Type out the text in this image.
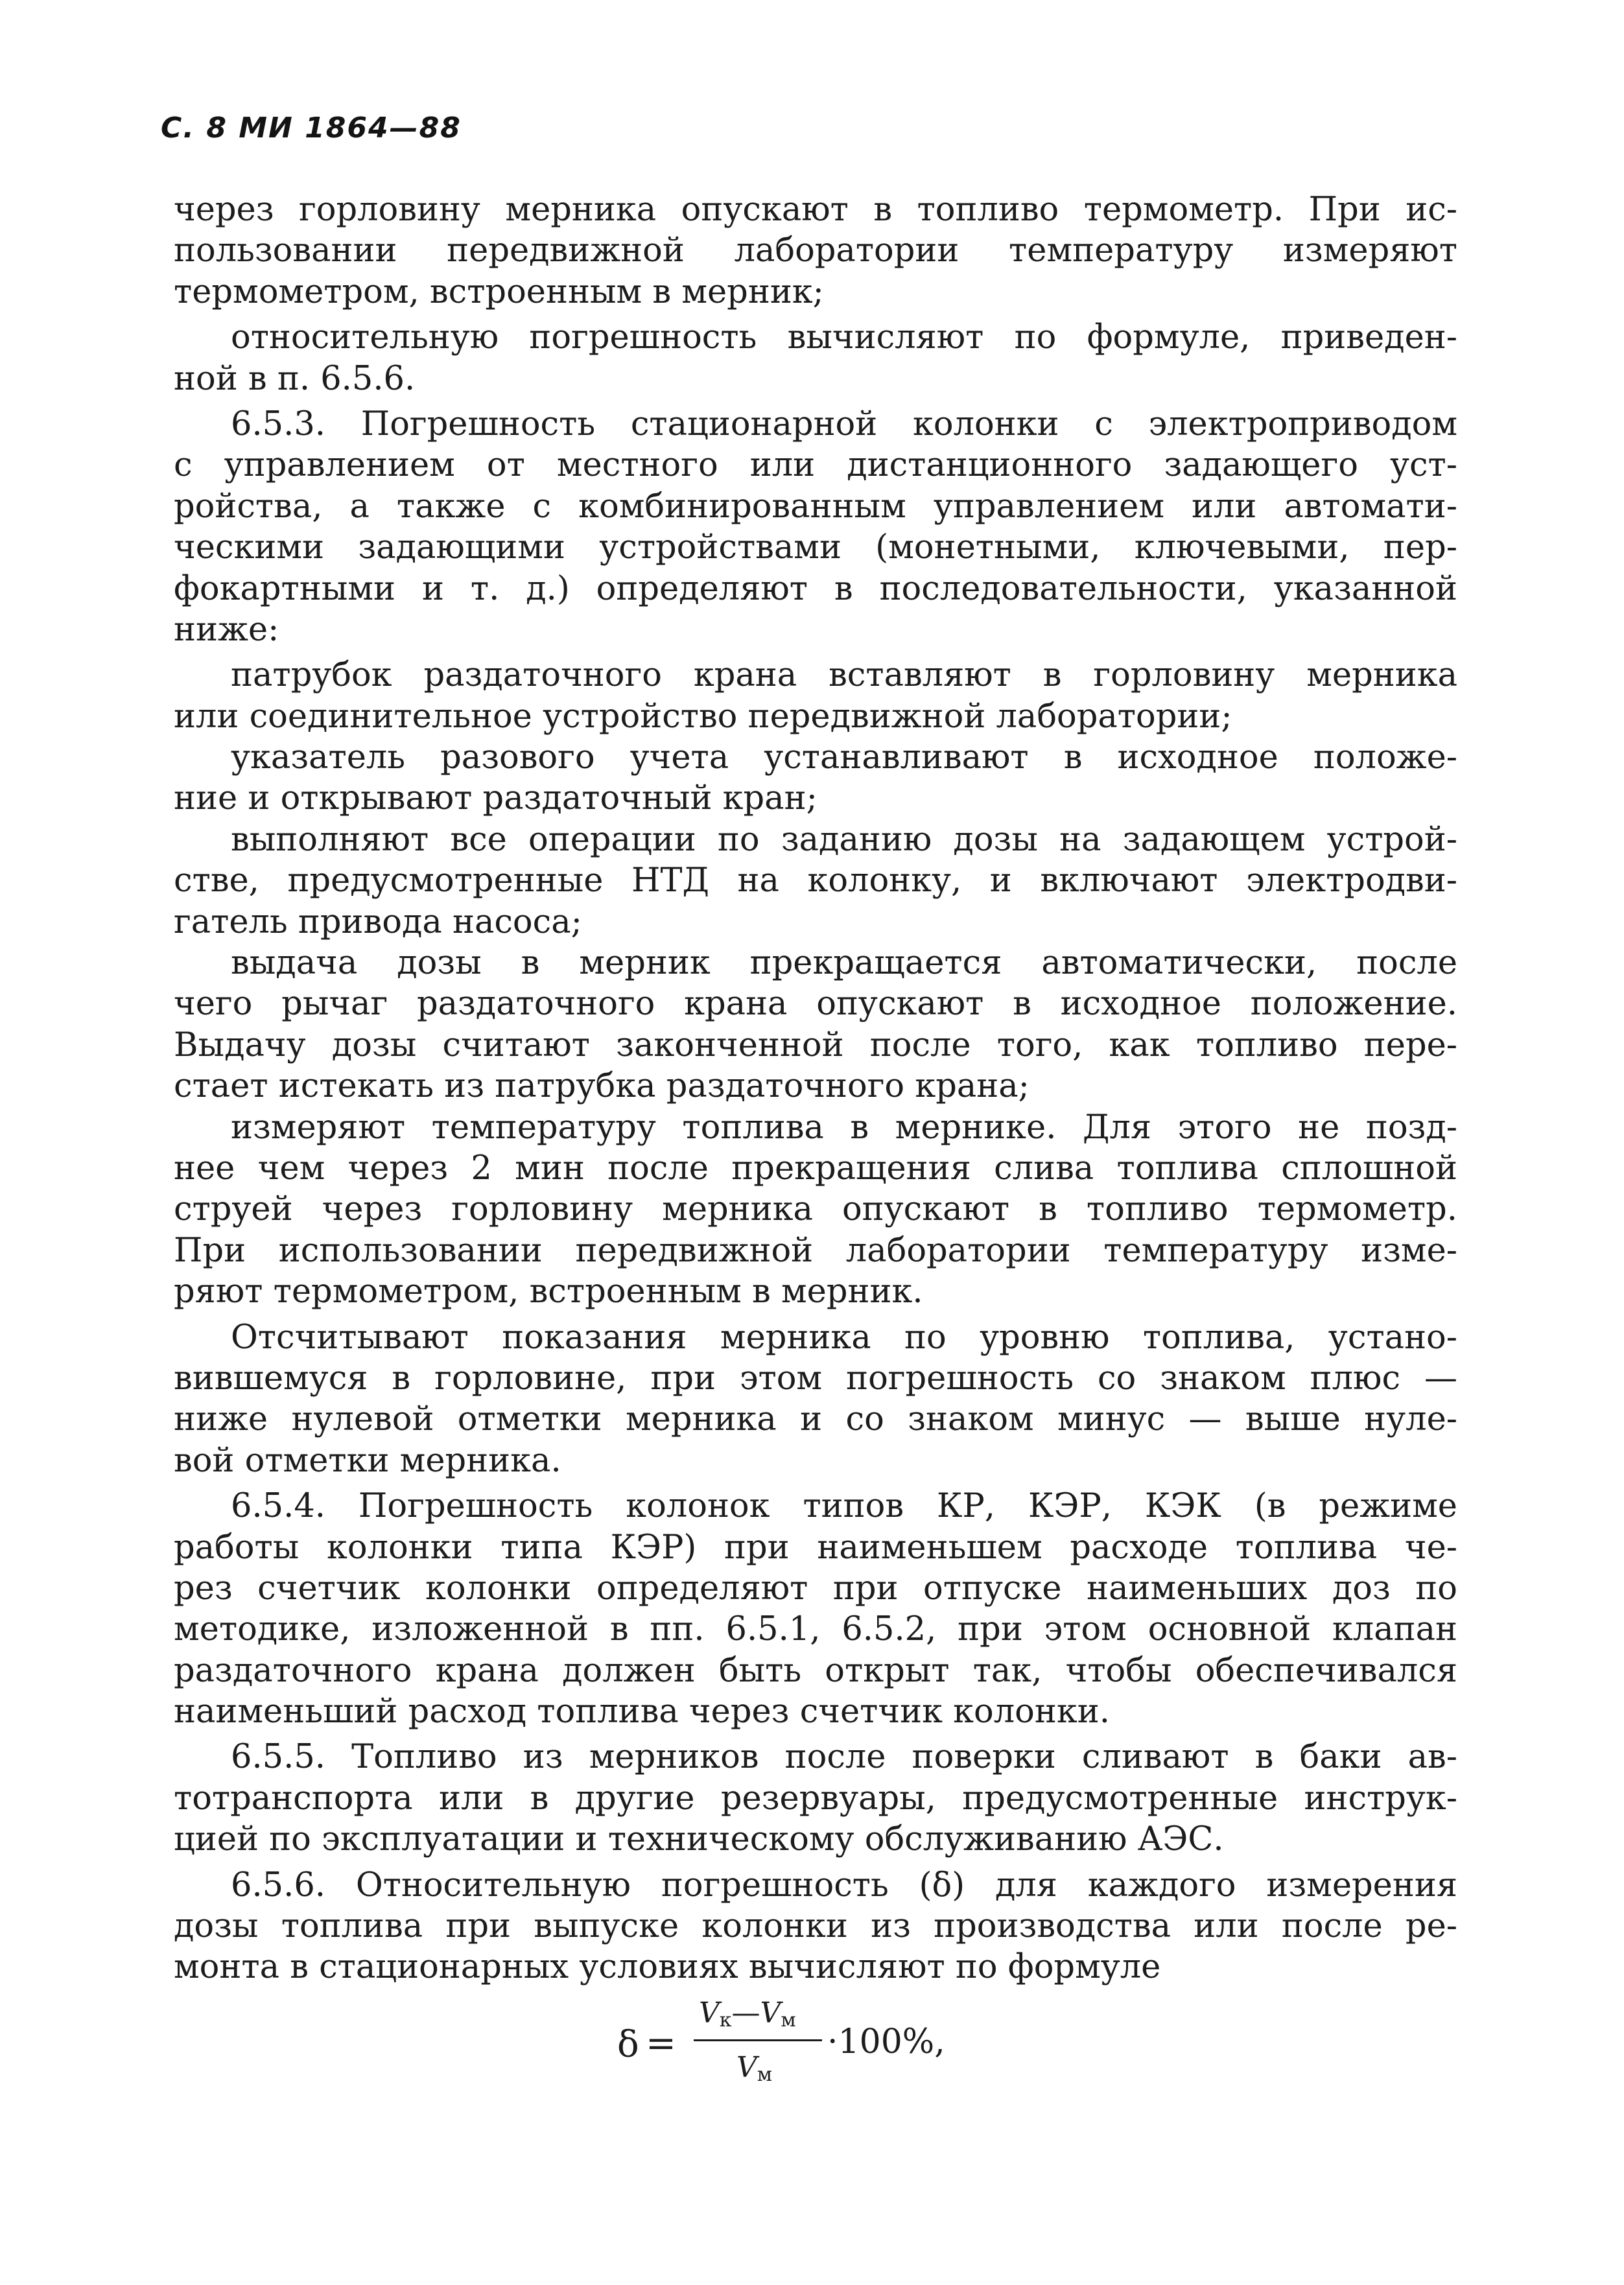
С. 8 МИ 1864—88
через горловину мерника опускают в топливо термометр. При ис-
пользовании передвижной лаборатории температуру измеряют
термометром, встроенным в мерник;
относительную погрешность вычисляют по формуле, приведен-
ной в п. 6.5.6.
6.5.3. Погрешность стационарной колонки с электроприводом
с управлением от местного или дистанционного задающего уст-
ройства, а также с комбинированным управлением или автомати-
ческими задающими устройствами (монетными, ключевыми, пер-
фокартными и т. д.) определяют в последовательности, указанной
ниже:
патрубок раздаточного крана вставляют в горловину мерника
или соединительное устройство передвижной лаборатории;
указатель разового учета устанавливают в исходное положе-
ние и открывают раздаточный кран;
выполняют все операции по заданию дозы на задающем устрой-
стве, предусмотренные НТД на колонку, и включают электродви-
гатель привода насоса;
выдача дозы в мерник прекращается автоматически, после
чего рычаг раздаточного крана опускают в исходное положение.
Выдачу дозы считают законченной после того, как топливо пере-
стает истекать из патрубка раздаточного крана;
измеряют температуру топлива в мернике. Для этого не позд-
нее чем через 2 мин после прекращения слива топлива сплошной
струей через горловину мерника опускают в топливо термометр.
При использовании передвижной лаборатории температуру изме-
ряют термометром, встроенным в мерник.
Отсчитывают показания мерника по уровню топлива, устано-
вившемуся в горловине, при этом погрешность со знаком плюс —
ниже нулевой отметки мерника и со знаком минус — выше нуле-
вой отметки мерника.
6.5.4. Погрешность колонок типов КР, КЭР, КЭК (в режиме
работы колонки типа КЭР) при наименьшем расходе топлива че-
рез счетчик колонки определяют при отпуске наименьших доз по
методике, изложенной в пп. 6.5.1, 6.5.2, при этом основной клапан
раздаточного крана должен быть открыт так, чтобы обеспечивался
наименьший расход топлива через счетчик колонки.
6.5.5. Топливо из мерников после поверки сливают в баки ав-
тотранспорта или в другие резервуары, предусмотренные инструк-
цией по эксплуатации и техническому обслуживанию АЭС.
6.5.6. Относительную погрешность (δ) для каждого измерения
дозы топлива при выпуске колонки из производства или после ре-
монта в стационарных условиях вычисляют по формуле
δ =
$V_к—V_м$
$V_м$
·100%,
